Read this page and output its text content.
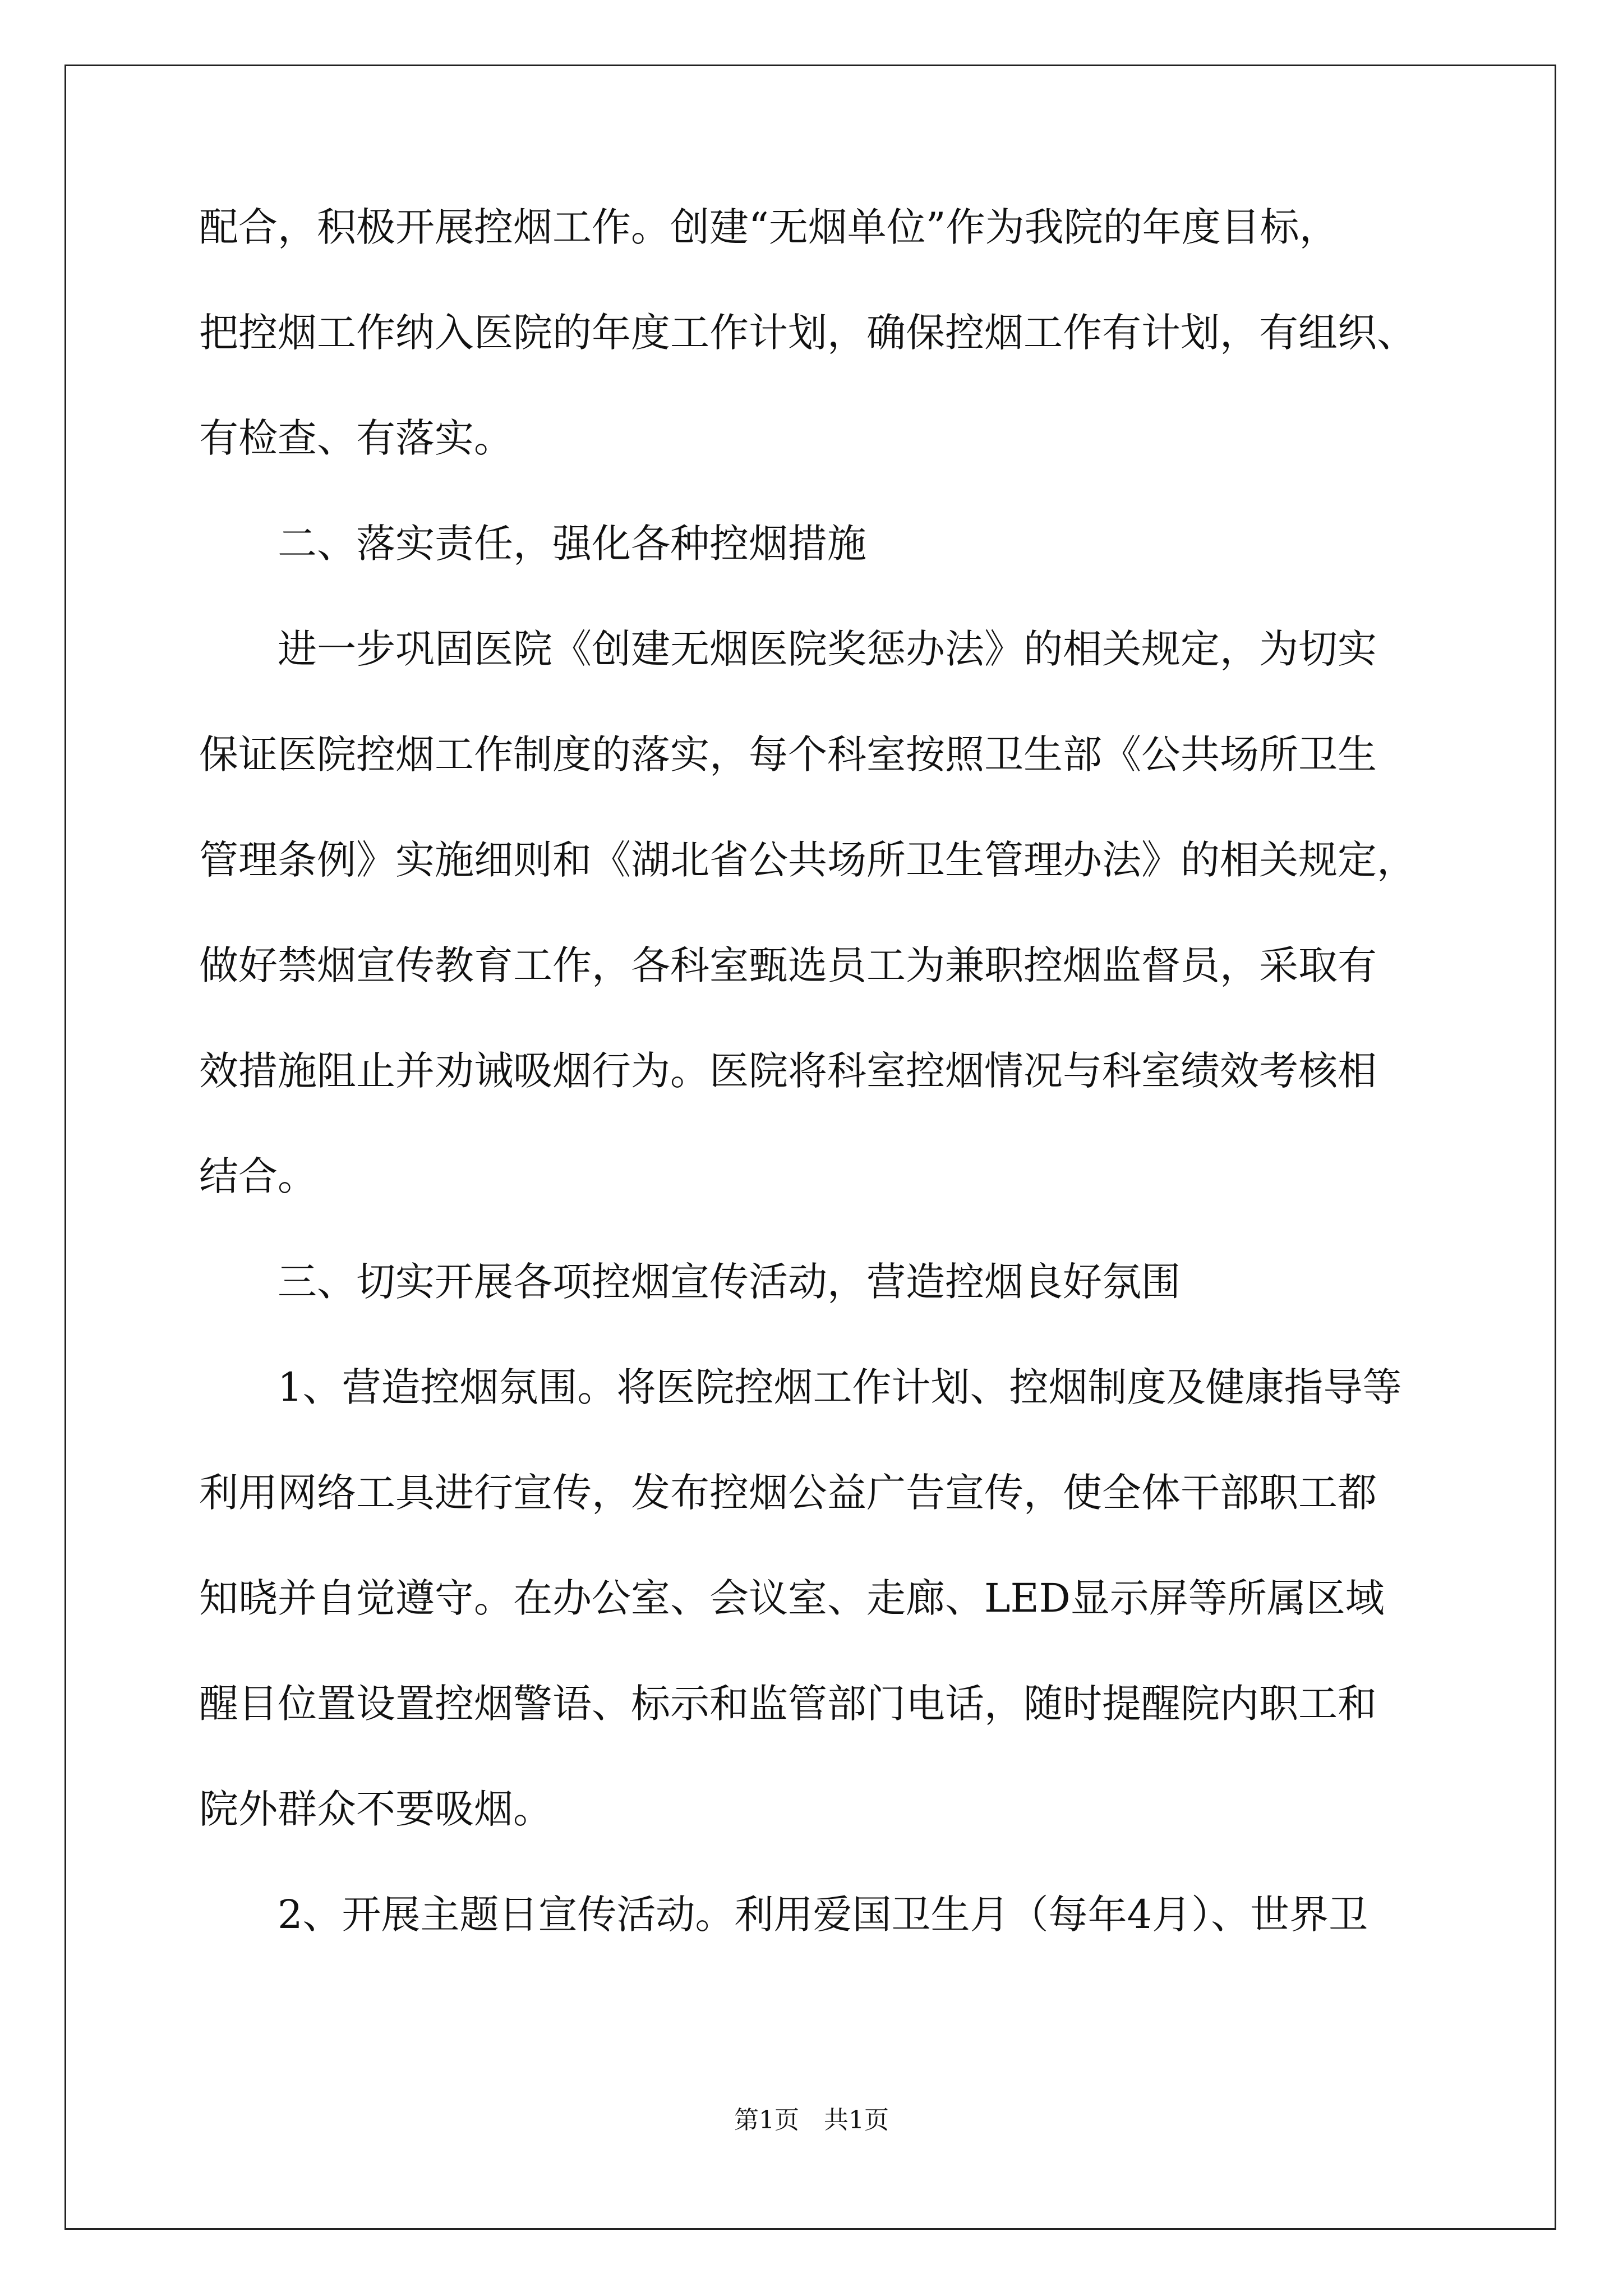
配合，积极开展控烟工作。创建“无烟单位”作为我院的年度目标，
把控烟工作纳入医院的年度工作计划，确保控烟工作有计划，有组织、
有检查、有落实。
　　二、落实责任，强化各种控烟措施
　　进一步巩固医院《创建无烟医院奖惩办法》的相关规定，为切实
保证医院控烟工作制度的落实，每个科室按照卫生部《公共场所卫生
管理条例》实施细则和《湖北省公共场所卫生管理办法》的相关规定，
做好禁烟宣传教育工作，各科室甄选员工为兼职控烟监督员，采取有
效措施阻止并劝诫吸烟行为。医院将科室控烟情况与科室绩效考核相
结合。
　　三、切实开展各项控烟宣传活动，营造控烟良好氛围
　　1、营造控烟氛围。将医院控烟工作计划、控烟制度及健康指导等
利用网络工具进行宣传，发布控烟公益广告宣传，使全体干部职工都
知晓并自觉遵守。在办公室、会议室、走廊、LED显示屏等所属区域
醒目位置设置控烟警语、标示和监管部门电话，随时提醒院内职工和
院外群众不要吸烟。
　　2、开展主题日宣传活动。利用爱国卫生月（每年4月）、世界卫
第1页　共1页
